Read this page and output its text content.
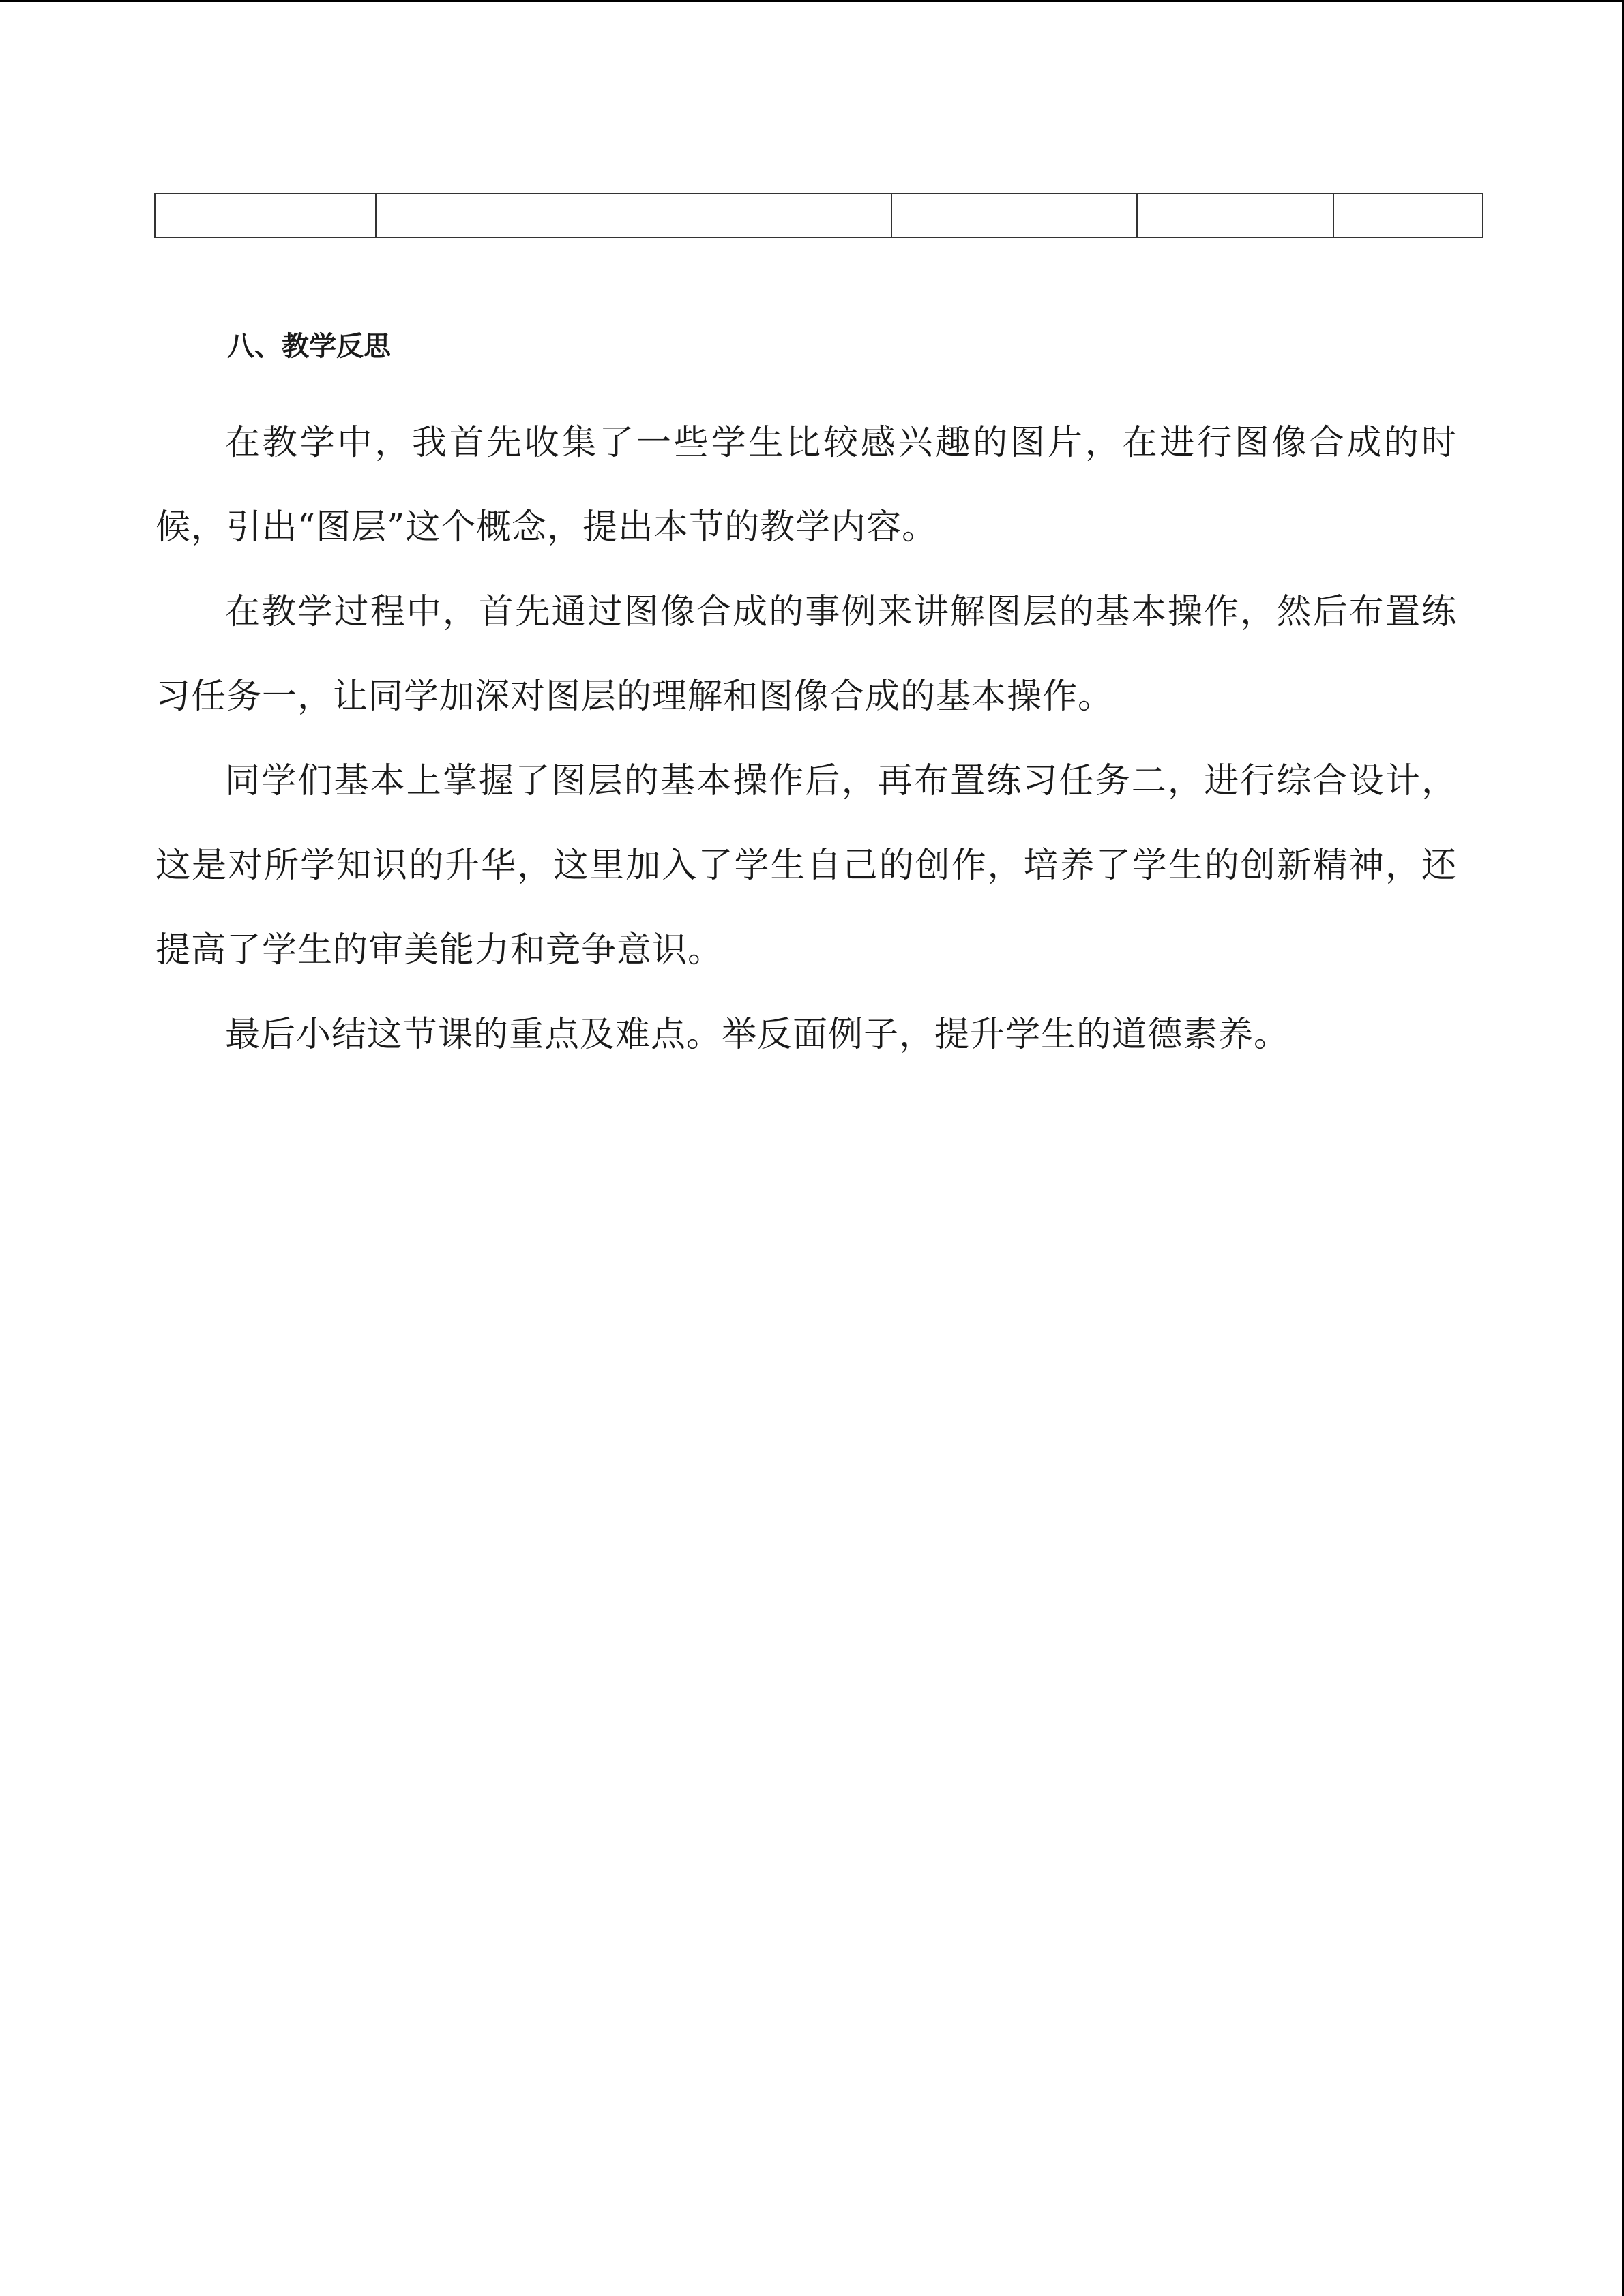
八、教学反思

在教学中，我首先收集了一些学生比较感兴趣的图片，在进行图像合成的时候，引出“图层”这个概念，提出本节的教学内容。

在教学过程中，首先通过图像合成的事例来讲解图层的基本操作，然后布置练习任务一，让同学加深对图层的理解和图像合成的基本操作。

同学们基本上掌握了图层的基本操作后，再布置练习任务二，进行综合设计，这是对所学知识的升华，这里加入了学生自己的创作，培养了学生的创新精神，还提高了学生的审美能力和竞争意识。

最后小结这节课的重点及难点。举反面例子，提升学生的道德素养。
